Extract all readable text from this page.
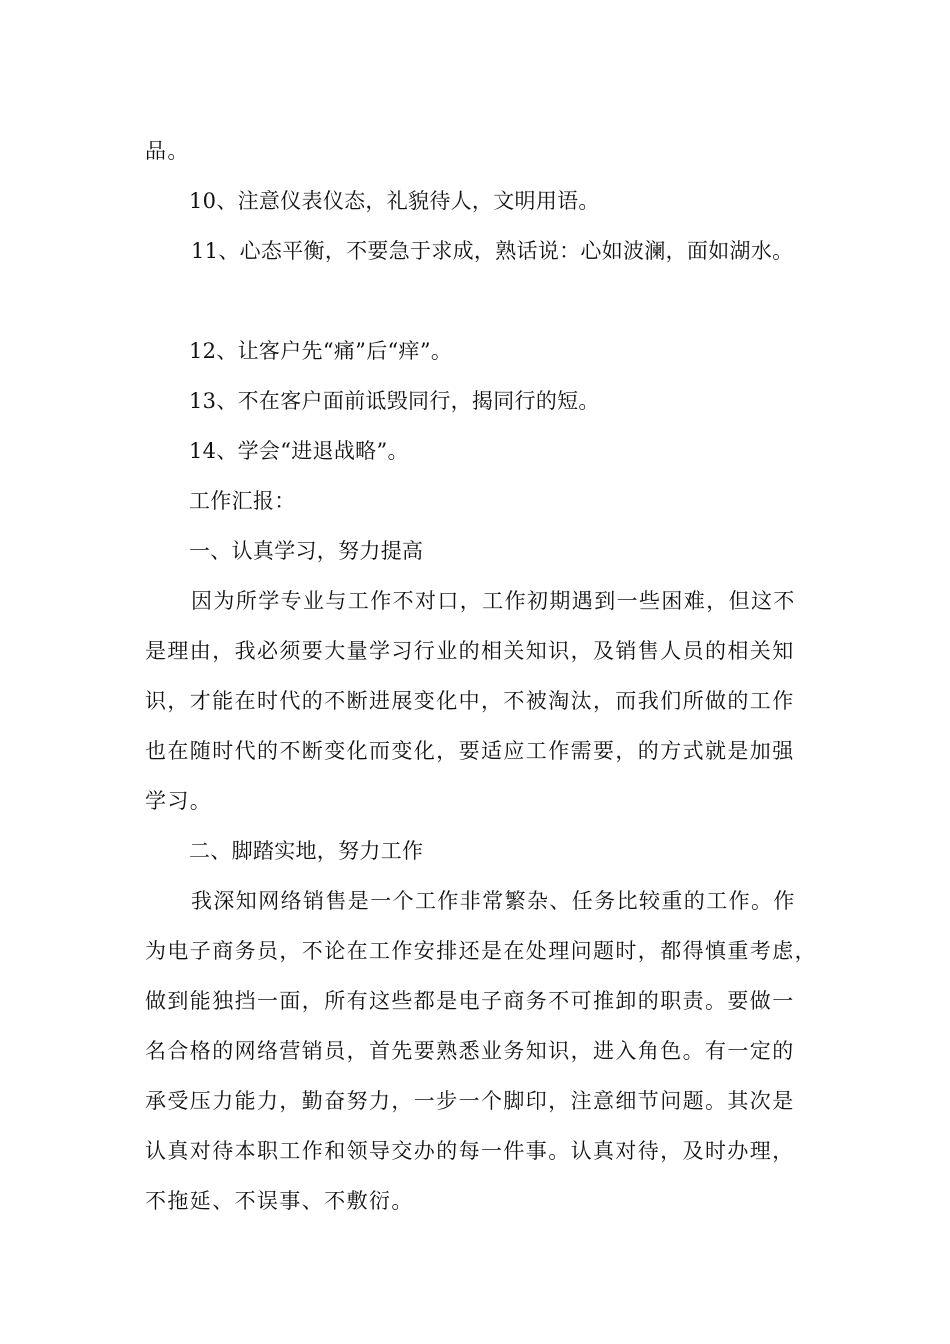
品。
10、注意仪表仪态，礼貌待人，文明用语。
11、心态平衡，不要急于求成，熟话说：心如波澜，面如湖水。
12、让客户先“痛”后“痒”。
13、不在客户面前诋毁同行，揭同行的短。
14、学会“进退战略”。
工作汇报：
一、认真学习，努力提高
因为所学专业与工作不对口，工作初期遇到一些困难，但这不
是理由，我必须要大量学习行业的相关知识，及销售人员的相关知
识，才能在时代的不断进展变化中，不被淘汰，而我们所做的工作
也在随时代的不断变化而变化，要适应工作需要，的方式就是加强
学习。
二、脚踏实地，努力工作
我深知网络销售是一个工作非常繁杂、任务比较重的工作。作
为电子商务员，不论在工作安排还是在处理问题时，都得慎重考虑，
做到能独挡一面，所有这些都是电子商务不可推卸的职责。要做一
名合格的网络营销员，首先要熟悉业务知识，进入角色。有一定的
承受压力能力，勤奋努力，一步一个脚印，注意细节问题。其次是
认真对待本职工作和领导交办的每一件事。认真对待，及时办理，
不拖延、不误事、不敷衍。
